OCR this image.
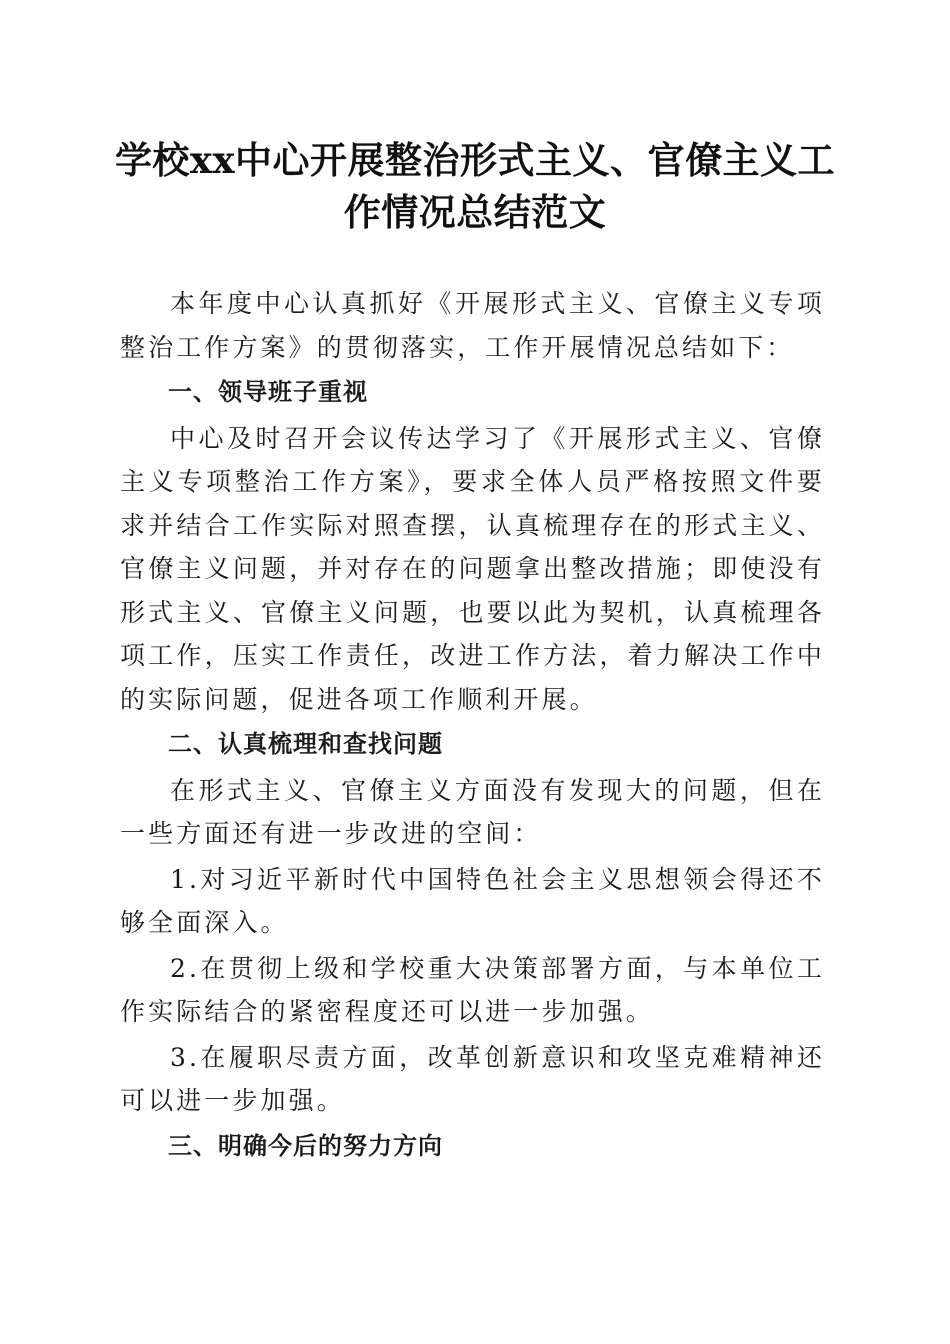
学校xx中心开展整治形式主义、官僚主义工作情况总结范文

本年度中心认真抓好《开展形式主义、官僚主义专项整治工作方案》的贯彻落实，工作开展情况总结如下：

一、领导班子重视

中心及时召开会议传达学习了《开展形式主义、官僚主义专项整治工作方案》，要求全体人员严格按照文件要求并结合工作实际对照查摆，认真梳理存在的形式主义、官僚主义问题，并对存在的问题拿出整改措施；即使没有形式主义、官僚主义问题，也要以此为契机，认真梳理各项工作，压实工作责任，改进工作方法，着力解决工作中的实际问题，促进各项工作顺利开展。

二、认真梳理和查找问题

在形式主义、官僚主义方面没有发现大的问题，但在一些方面还有进一步改进的空间：

1.对习近平新时代中国特色社会主义思想领会得还不够全面深入。

2.在贯彻上级和学校重大决策部署方面，与本单位工作实际结合的紧密程度还可以进一步加强。

3.在履职尽责方面，改革创新意识和攻坚克难精神还可以进一步加强。

三、明确今后的努力方向
